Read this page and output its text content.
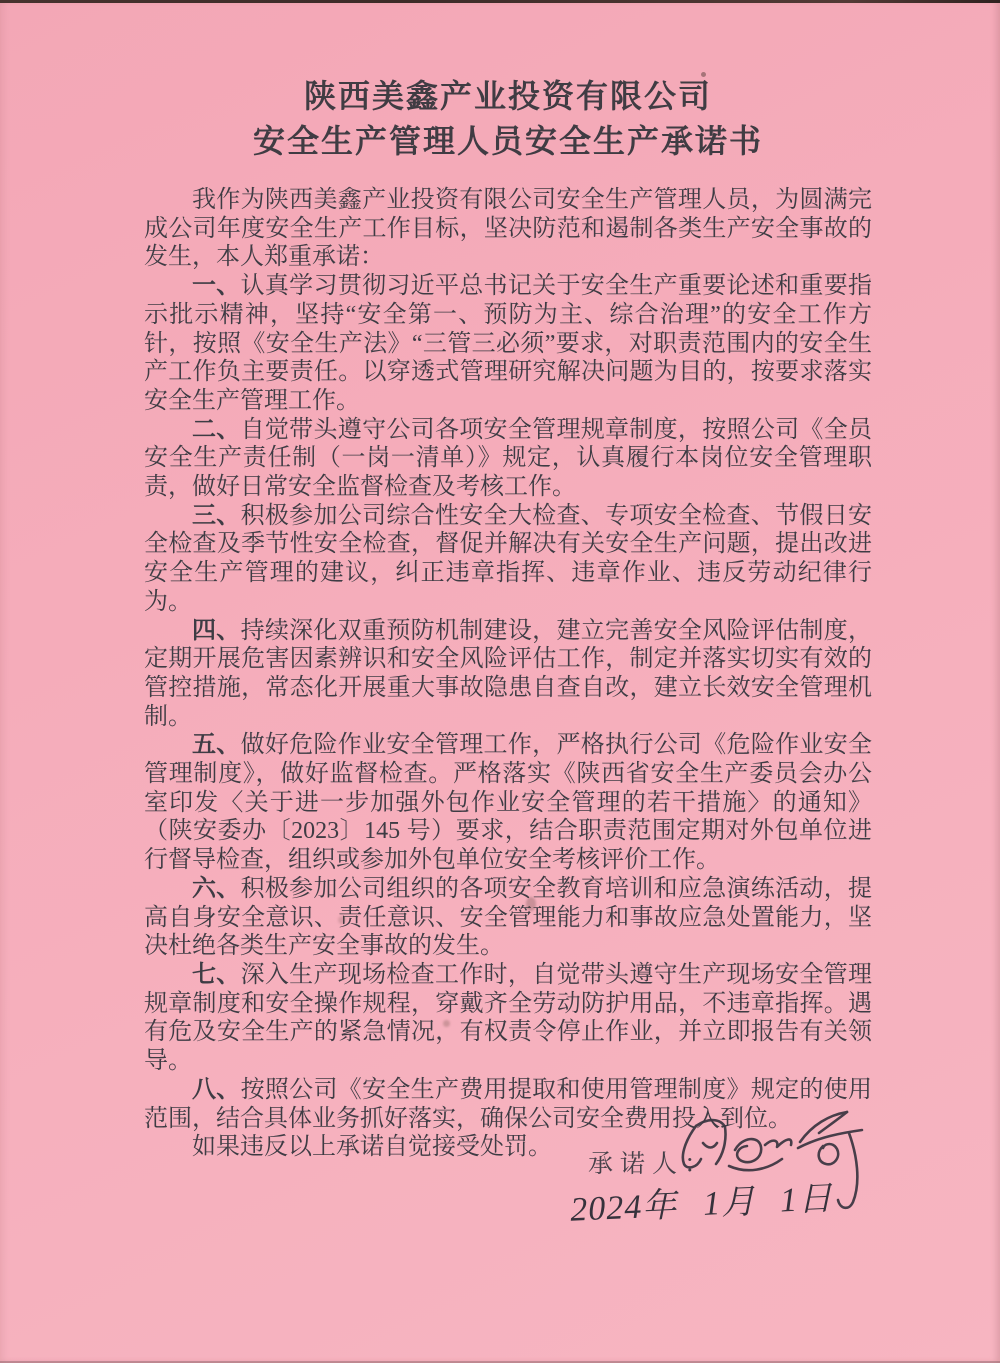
陕西美鑫产业投资有限公司
安全生产管理人员安全生产承诺书

我作为陕西美鑫产业投资有限公司安全生产管理人员，为圆满完成公司年度安全生产工作目标，坚决防范和遏制各类生产安全事故的发生，本人郑重承诺：

一、认真学习贯彻习近平总书记关于安全生产重要论述和重要指示批示精神，坚持“安全第一、预防为主、综合治理”的安全工作方针，按照《安全生产法》“三管三必须”要求，对职责范围内的安全生产工作负主要责任。以穿透式管理研究解决问题为目的，按要求落实安全生产管理工作。

二、自觉带头遵守公司各项安全管理规章制度，按照公司《全员安全生产责任制（一岗一清单）》规定，认真履行本岗位安全管理职责，做好日常安全监督检查及考核工作。

三、积极参加公司综合性安全大检查、专项安全检查、节假日安全检查及季节性安全检查，督促并解决有关安全生产问题，提出改进安全生产管理的建议，纠正违章指挥、违章作业、违反劳动纪律行为。

四、持续深化双重预防机制建设，建立完善安全风险评估制度，定期开展危害因素辨识和安全风险评估工作，制定并落实切实有效的管控措施，常态化开展重大事故隐患自查自改，建立长效安全管理机制。

五、做好危险作业安全管理工作，严格执行公司《危险作业安全管理制度》，做好监督检查。严格落实《陕西省安全生产委员会办公室印发〈关于进一步加强外包作业安全管理的若干措施〉的通知》（陕安委办〔2023〕145 号）要求，结合职责范围定期对外包单位进行督导检查，组织或参加外包单位安全考核评价工作。

六、积极参加公司组织的各项安全教育培训和应急演练活动，提高自身安全意识、责任意识、安全管理能力和事故应急处置能力，坚决杜绝各类生产安全事故的发生。

七、深入生产现场检查工作时，自觉带头遵守生产现场安全管理规章制度和安全操作规程，穿戴齐全劳动防护用品，不违章指挥。遇有危及安全生产的紧急情况，有权责令停止作业，并立即报告有关领导。

八、按照公司《安全生产费用提取和使用管理制度》规定的使用范围，结合具体业务抓好落实，确保公司安全费用投入到位。

如果违反以上承诺自觉接受处罚。

承诺人：
2024年 1月 1日
